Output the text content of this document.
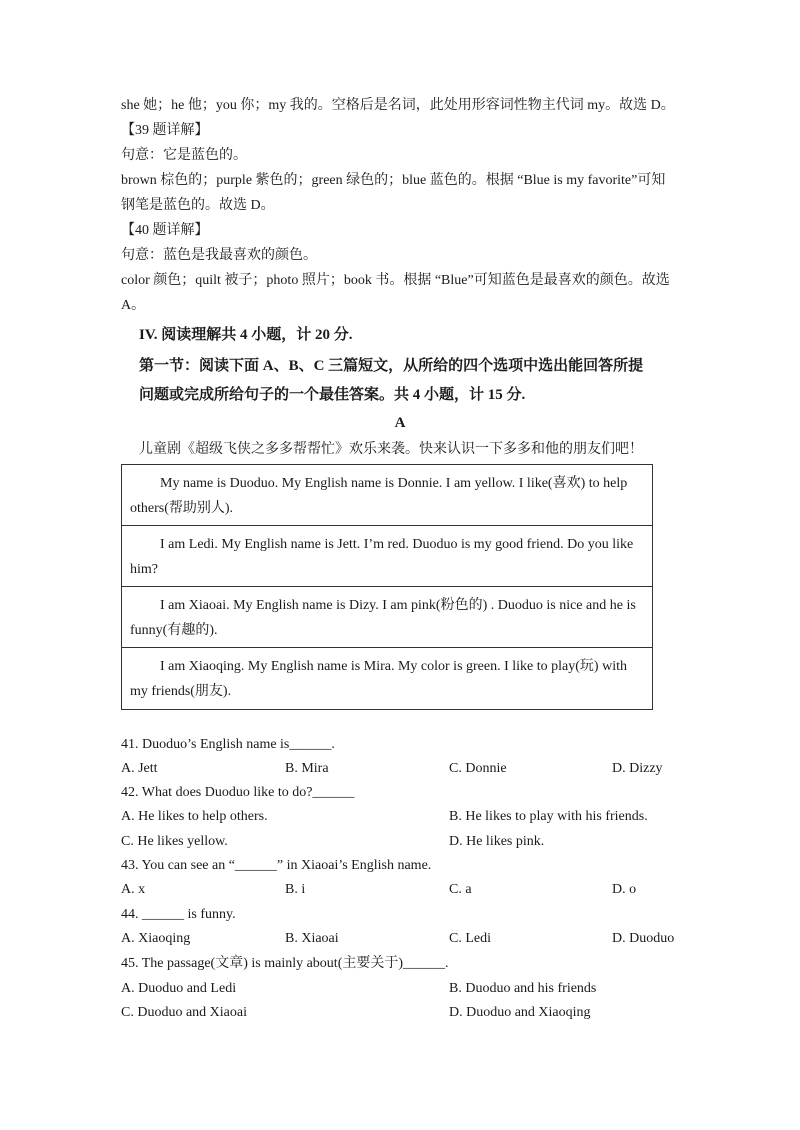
she 她；he 他；you 你；my 我的。空格后是名词，此处用形容词性物主代词 my。故选 D。
【39 题详解】
句意：它是蓝色的。
brown 棕色的；purple 紫色的；green 绿色的；blue 蓝色的。根据 “Blue is my favorite”可知
钢笔是蓝色的。故选 D。
【40 题详解】
句意：蓝色是我最喜欢的颜色。
color 颜色；quilt 被子；photo 照片；book 书。根据 “Blue”可知蓝色是最喜欢的颜色。故选
A。
IV. 阅读理解共 4 小题，计 20 分.
第一节：阅读下面 A、B、C 三篇短文，从所给的四个选项中选出能回答所提
问题或完成所给句子的一个最佳答案。共 4 小题，计 15 分.
A
儿童剧《超级飞侠之多多帮帮忙》欢乐来袭。快来认识一下多多和他的朋友们吧！

My name is Duoduo. My English name is Donnie. I am yellow. I like(喜欢) to help

others(帮助别人).

I am Ledi. My English name is Jett. I’m red. Duoduo is my good friend. Do you like

him?

I am Xiaoai. My English name is Dizy. I am pink(粉色的) . Duoduo is nice and he is

funny(有趣的).

I am Xiaoqing. My English name is Mira. My color is green. I like to play(玩) with

my friends(朋友).

41. Duoduo’s English name is______.
A. Jett	B. Mira	C. Donnie	D. Dizzy
42. What does Duoduo like to do?______
A. He likes to help others.	B. He likes to play with his friends.
C. He likes yellow.	D. He likes pink.
43. You can see an “______” in Xiaoai’s English name.
A. x	B. i	C. a	D. o
44. ______ is funny.
A. Xiaoqing	B. Xiaoai	C. Ledi	D. Duoduo
45. The passage(文章) is mainly about(主要关于)______.
A. Duoduo and Ledi	B. Duoduo and his friends
C. Duoduo and Xiaoai	D. Duoduo and Xiaoqing
